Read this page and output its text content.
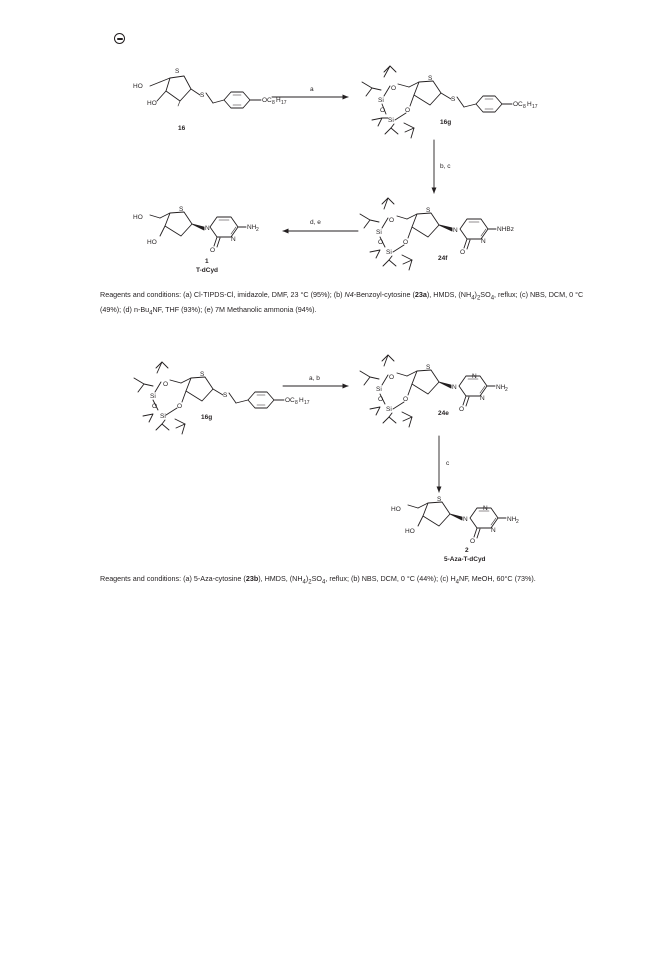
HO
HO
S
S
OC 8 H 17
O
Si
O
Si
O
S
S
OC 8 H 17
O
Si
O
Si
O
S
N
N
O
NHBz
HO
HO
S
N
N
O
NH 2
O
Si
O
Si
O
S
S
OC 8 H 17
O
Si
O
Si
O
S
N
N
N
O
NH 2
HO
HO
S
N
N
N
O
NH 2
16
16g
24f
1
T-dCyd
a
b, c
d, e
16g
24e
2
5-Aza-T-dCyd
a, b
c
Reagents and conditions: (a) Cl-TIPDS-Cl, imidazole, DMF, 23 °C (95%); (b) N4-Benzoyl-cytosine (23a), HMDS, $(NH_4)_2SO_4$, reflux; (c) NBS, DCM, 0 °C (49%); (d) $n-Bu_4NF$, THF (93%); (e) 7M Methanolic ammonia (94%).
Reagents and conditions: (a) 5-Aza-cytosine (23b), HMDS, $(NH_4)_2SO_4$, reflux; (b) NBS, DCM, 0 °C (44%); (c) $H_4NF$, MeOH, 60°C (73%).
